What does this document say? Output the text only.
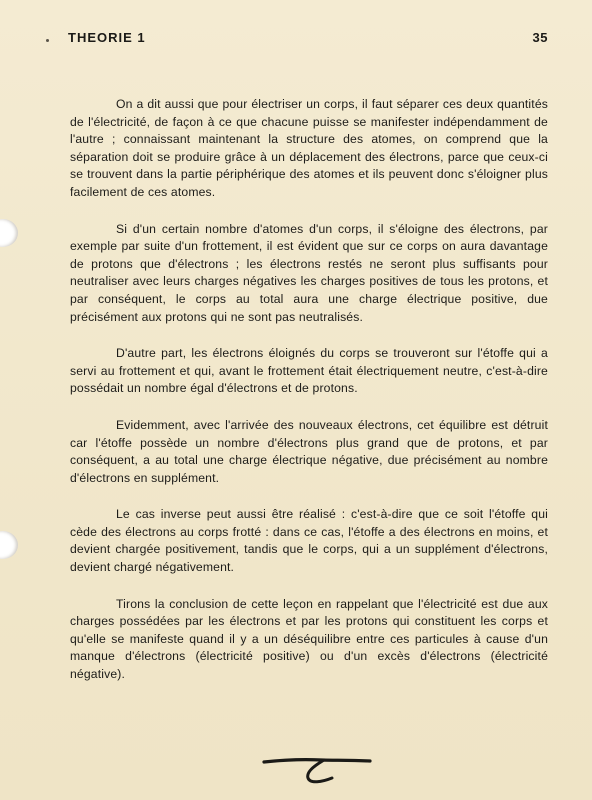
THEORIE 1	35

On a dit aussi que pour électriser un corps, il faut séparer ces deux quantités de l'électricité, de façon à ce que chacune puisse se manifester indépendamment de l'autre ; connaissant maintenant la structure des atomes, on comprend que la séparation doit se produire grâce à un déplacement des électrons, parce que ceux-ci se trouvent dans la partie périphérique des atomes et ils peuvent donc s'éloigner plus facilement de ces atomes.

Si d'un certain nombre d'atomes d'un corps, il s'éloigne des électrons, par exemple par suite d'un frottement, il est évident que sur ce corps on aura davantage de protons que d'électrons ; les électrons restés ne seront plus suffisants pour neutraliser avec leurs charges négatives les charges positives de tous les protons, et par conséquent, le corps au total aura une charge électrique positive, due précisément aux protons qui ne sont pas neutralisés.

D'autre part, les électrons éloignés du corps se trouveront sur l'étoffe qui a servi au frottement et qui, avant le frottement était électriquement neutre, c'est-à-dire possédait un nombre égal d'électrons et de protons.

Evidemment, avec l'arrivée des nouveaux électrons, cet équilibre est détruit car l'étoffe possède un nombre d'électrons plus grand que de protons, et par conséquent, a au total une charge électrique négative, due précisément au nombre d'électrons en supplément.

Le cas inverse peut aussi être réalisé : c'est-à-dire que ce soit l'étoffe qui cède des électrons au corps frotté : dans ce cas, l'étoffe a des électrons en moins, et devient chargée positivement, tandis que le corps, qui a un supplément d'électrons, devient chargé négativement.

Tirons la conclusion de cette leçon en rappelant que l'électricité est due aux charges possédées par les électrons et par les protons qui constituent les corps et qu'elle se manifeste quand il y a un déséquilibre entre ces particules à cause d'un manque d'électrons (électricité positive) ou d'un excès d'électrons (électricité négative).
